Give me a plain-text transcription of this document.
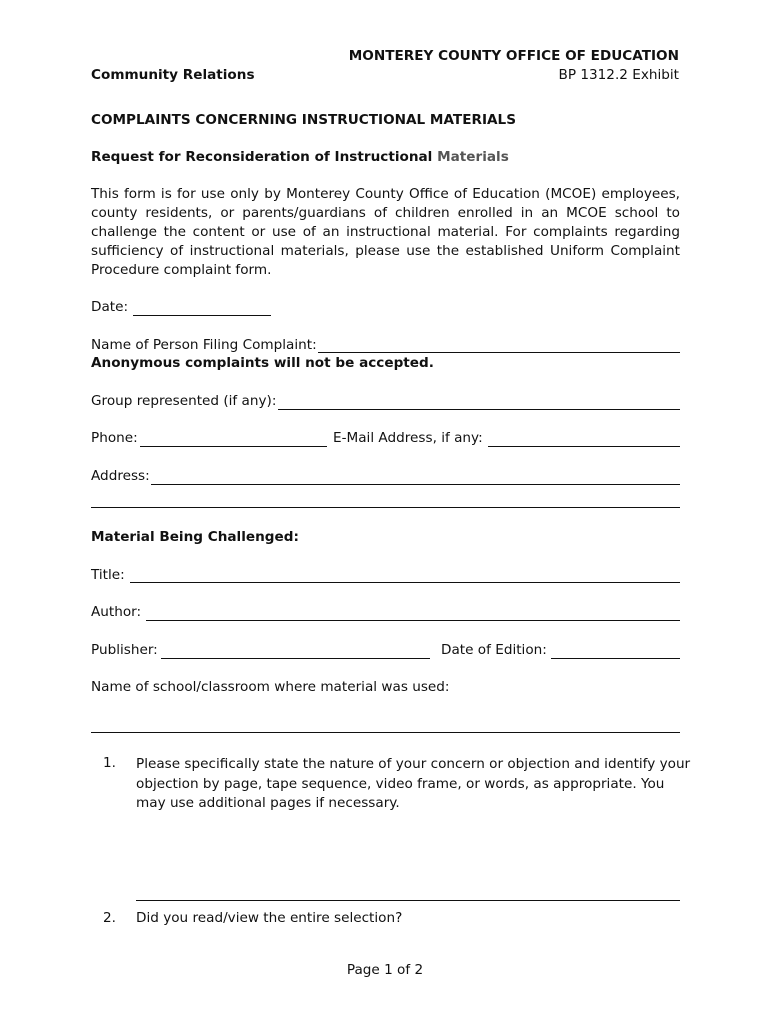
MONTEREY COUNTY OFFICE OF EDUCATION
Community Relations	BP 1312.2 Exhibit
COMPLAINTS CONCERNING INSTRUCTIONAL MATERIALS
Request for Reconsideration of Instructional Materials
This form is for use only by Monterey County Office of Education (MCOE) employees,
county residents, or parents/guardians of children enrolled in an MCOE school to
challenge the content or use of an instructional material. For complaints regarding
sufficiency of instructional materials, please use the established Uniform Complaint
Procedure complaint form.
Date:
Name of Person Filing Complaint:
Anonymous complaints will not be accepted.
Group represented (if any):
Phone:	E-Mail Address, if any:
Address:
Material Being Challenged:
Title:
Author:
Publisher:	Date of Edition:
Name of school/classroom where material was used:
1. Please specifically state the nature of your concern or objection and identify your
objection by page, tape sequence, video frame, or words, as appropriate. You
may use additional pages if necessary.
2. Did you read/view the entire selection?
Page 1 of 2
